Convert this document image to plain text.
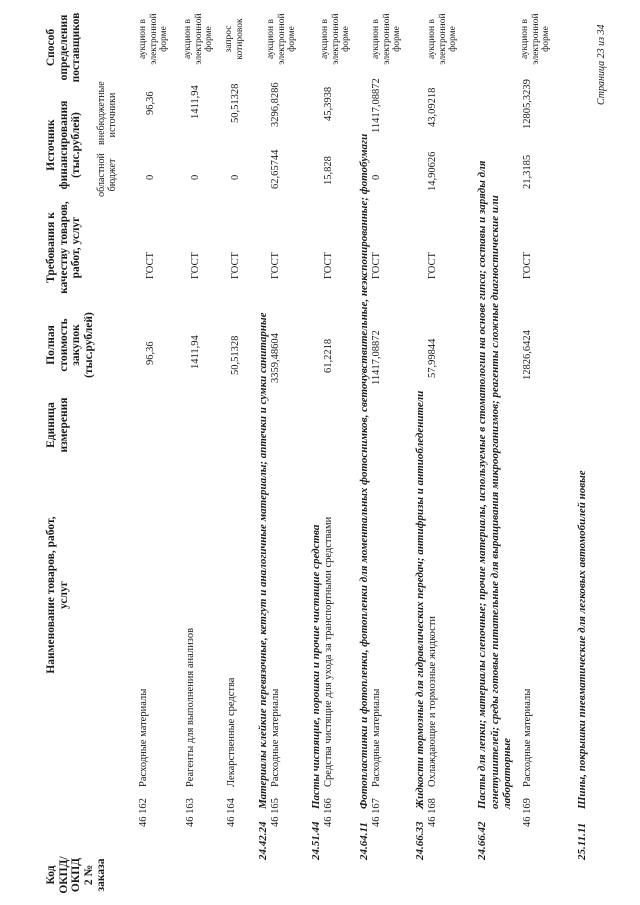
Код ОКПД/ ОКПД 2 № заказа
Наименование товаров, работ, услуг
Единица измерения
Полная стоимость закупок (тыс.рублей)
Требования к качеству товаров, работ, услуг
Источник финансирования (тыс.рублей) областной бюджет
внебюджетные источники
Способ определения поставщиков
46 162
Расходные материалы
96,36
ГОСТ
0
96,36
аукцион в электронной форме
46 163
Реагенты для выполнения анализов
1411,94
ГОСТ
0
1411,94
аукцион в электронной форме
46 164
Лекарственные средства
50,51328
ГОСТ
0
50,51328
запрос котировок
24.42.24
Материалы клейкие перевязочные, кетгут и аналогичные материалы; аптечки и сумки санитарные
46 165
Расходные материалы
3359,48604
ГОСТ
62,65744
3296,8286
аукцион в электронной форме
24.51.44
Пасты чистящие, порошки и прочие чистящие средства
46 166
Средства чистящие для ухода за транспортными средствами
61,2218
ГОСТ
15,828
45,3938
аукцион в электронной форме
24.64.11
Фотопластинки и фотопленки, фотопленки для моментальных фотоснимков, светочувствительные, неэкспонированные; фотобумаги
46 167
Расходные материалы
11417,08872
ГОСТ
0
11417,08872
аукцион в электронной форме
24.66.33
Жидкости тормозные для гидравлических передач; антифризы и антиобледенители
46 168
Охлаждающие и тормозные жидкости
57,99844
ГОСТ
14,90626
43,09218
аукцион в электронной форме
24.66.42
Пасты для лепки; материалы слепочные; прочие материалы, используемые в стоматологии на основе гипса; составы и заряды для огнетушителей; среды готовые питательные для выращивания микроорганизмов; реагенты сложные диагностические или лабораторные
46 169
Расходные материалы
12826,6424
ГОСТ
21,3185
12805,3239
аукцион в электронной форме
25.11.11
Шины, покрышки пневматические для легковых автомобилей новые
Страница 23 из 34
